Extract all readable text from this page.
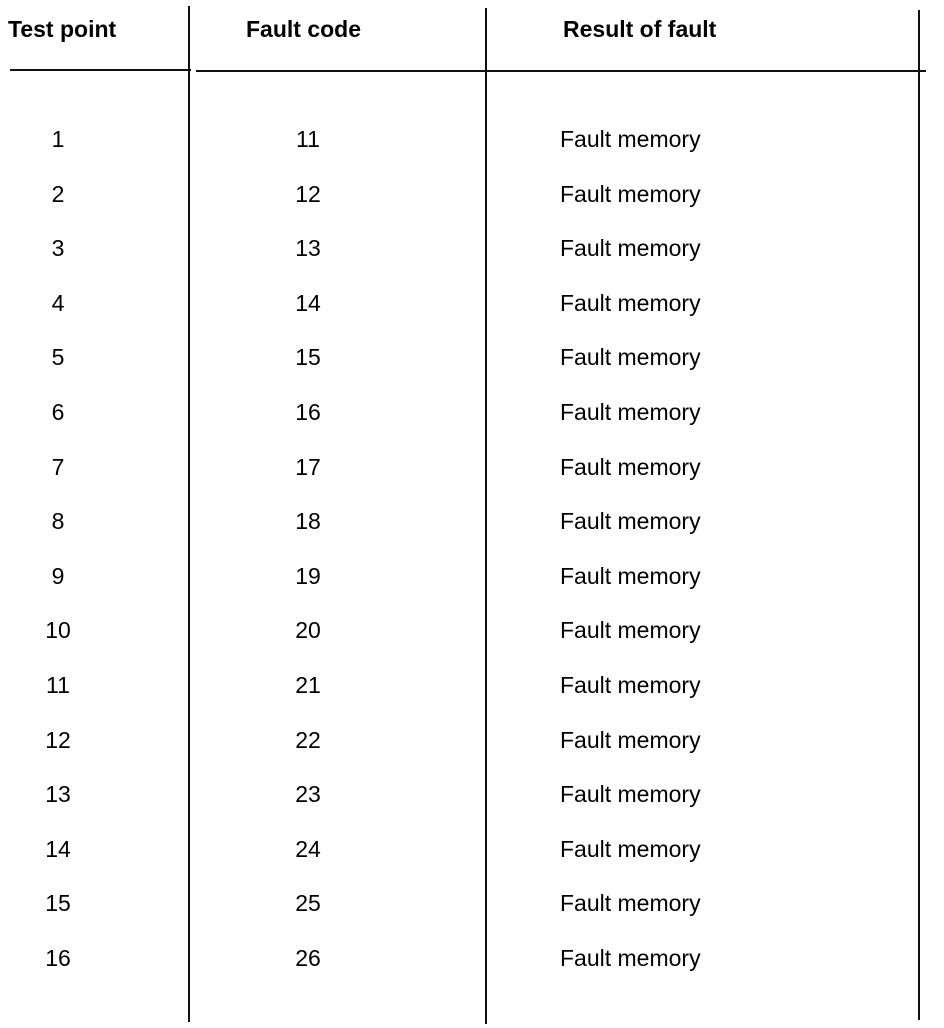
Test point	Fault code	Result of fault
1	11	Fault memory
2	12	Fault memory
3	13	Fault memory
4	14	Fault memory
5	15	Fault memory
6	16	Fault memory
7	17	Fault memory
8	18	Fault memory
9	19	Fault memory
10	20	Fault memory
11	21	Fault memory
12	22	Fault memory
13	23	Fault memory
14	24	Fault memory
15	25	Fault memory
16	26	Fault memory
